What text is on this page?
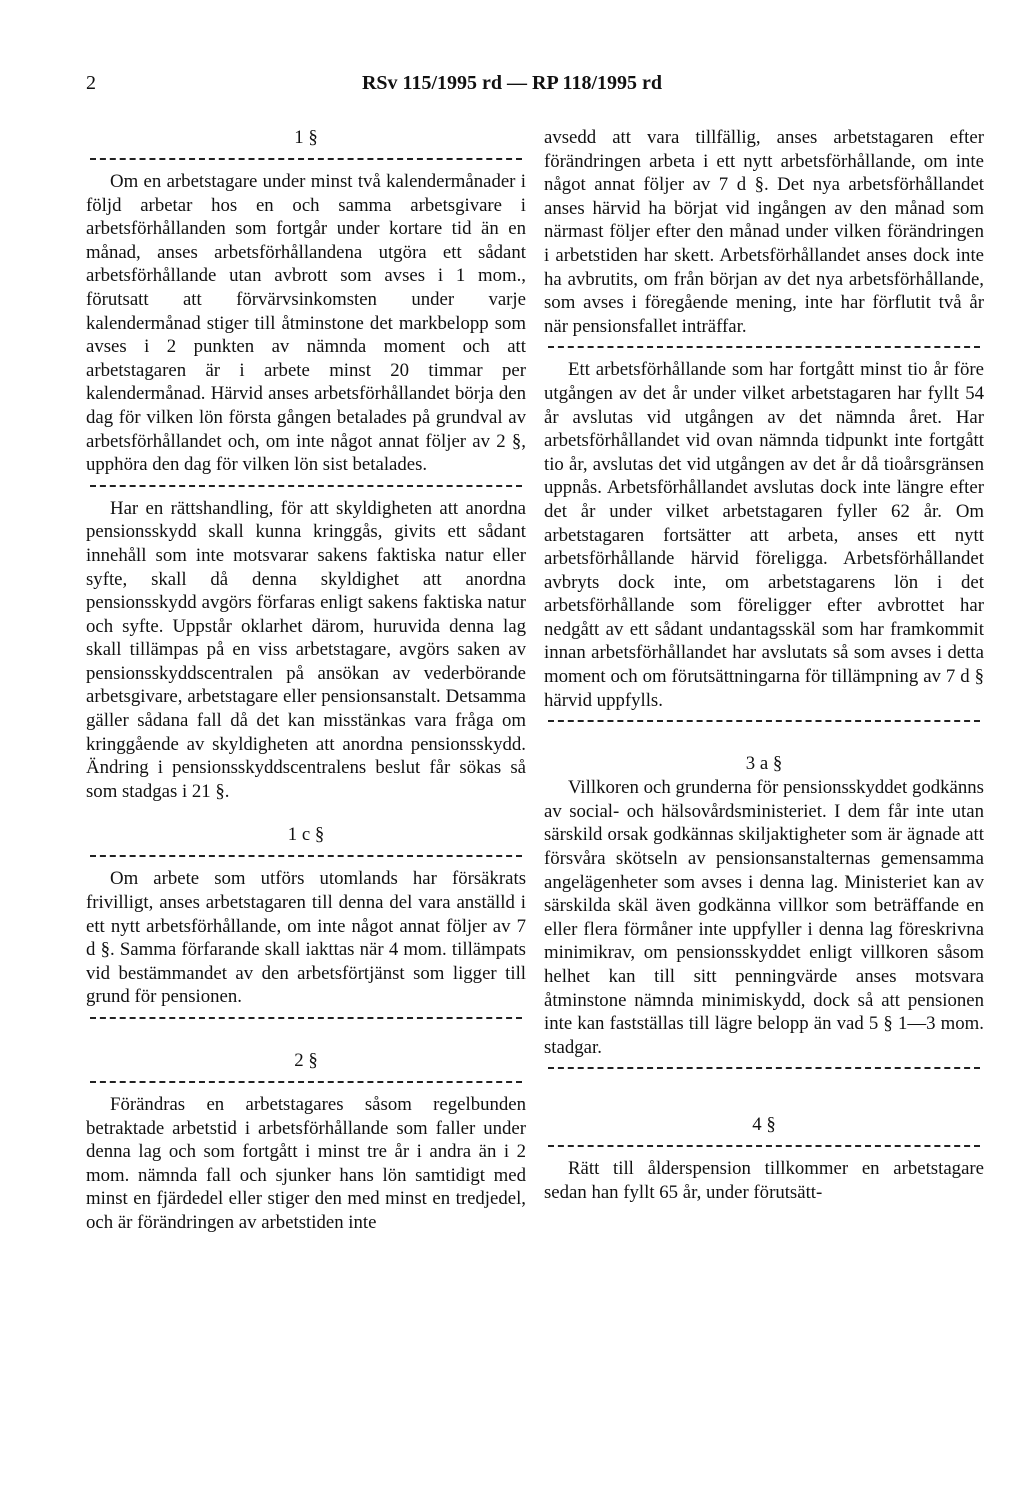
2	RSv 115/1995 rd — RP 118/1995 rd
1 §

Om en arbetstagare under minst två kalendermånader i följd arbetar hos en och samma arbetsgivare i arbetsförhållanden som fortgår under kortare tid än en månad, anses arbetsförhållandena utgöra ett sådant arbetsförhållande utan avbrott som avses i 1 mom., förutsatt att förvärvsinkomsten under varje kalendermånad stiger till åtminstone det markbelopp som avses i 2 punkten av nämnda moment och att arbetstagaren är i arbete minst 20 timmar per kalendermånad. Härvid anses arbetsförhållandet börja den dag för vilken lön första gången betalades på grundval av arbetsförhållandet och, om inte något annat följer av 2 §, upphöra den dag för vilken lön sist betalades.

Har en rättshandling, för att skyldigheten att anordna pensionsskydd skall kunna kringgås, givits ett sådant innehåll som inte motsvarar sakens faktiska natur eller syfte, skall då denna skyldighet att anordna pensionsskydd avgörs förfaras enligt sakens faktiska natur och syfte. Uppstår oklarhet därom, huruvida denna lag skall tillämpas på en viss arbetstagare, avgörs saken av pensionsskyddscentralen på ansökan av vederbörande arbetsgivare, arbetstagare eller pensionsanstalt. Detsamma gäller sådana fall då det kan misstänkas vara fråga om kringgående av skyldigheten att anordna pensionsskydd. Ändring i pensionsskyddscentralens beslut får sökas så som stadgas i 21 §.

1 c §

Om arbete som utförs utomlands har försäkrats frivilligt, anses arbetstagaren till denna del vara anställd i ett nytt arbetsförhållande, om inte något annat följer av 7 d §. Samma förfarande skall iakttas när 4 mom. tillämpats vid bestämmandet av den arbetsförtjänst som ligger till grund för pensionen.

2 §

Förändras en arbetstagares såsom regelbunden betraktade arbetstid i arbetsförhållande som faller under denna lag och som fortgått i minst tre år i andra än i 2 mom. nämnda fall och sjunker hans lön samtidigt med minst en fjärdedel eller stiger den med minst en tredjedel, och är förändringen av arbetstiden inte

avsedd att vara tillfällig, anses arbetstagaren efter förändringen arbeta i ett nytt arbetsförhållande, om inte något annat följer av 7 d §. Det nya arbetsförhållandet anses härvid ha börjat vid ingången av den månad som närmast följer efter den månad under vilken förändringen i arbetstiden har skett. Arbetsförhållandet anses dock inte ha avbrutits, om från början av det nya arbetsförhållande, som avses i föregående mening, inte har förflutit två år när pensionsfallet inträffar.

Ett arbetsförhållande som har fortgått minst tio år före utgången av det år under vilket arbetstagaren har fyllt 54 år avslutas vid utgången av det nämnda året. Har arbetsförhållandet vid ovan nämnda tidpunkt inte fortgått tio år, avslutas det vid utgången av det år då tioårsgränsen uppnås. Arbetsförhållandet avslutas dock inte längre efter det år under vilket arbetstagaren fyller 62 år. Om arbetstagaren fortsätter att arbeta, anses ett nytt arbetsförhållande härvid föreligga. Arbetsförhållandet avbryts dock inte, om arbetstagarens lön i det arbetsförhållande som föreligger efter avbrottet har nedgått av ett sådant undantagsskäl som har framkommit innan arbetsförhållandet har avslutats så som avses i detta moment och om förutsättningarna för tillämpning av 7 d § härvid uppfylls.

3 a §

Villkoren och grunderna för pensionsskyddet godkänns av social- och hälsovårdsministeriet. I dem får inte utan särskild orsak godkännas skiljaktigheter som är ägnade att försvåra skötseln av pensionsanstalternas gemensamma angelägenheter som avses i denna lag. Ministeriet kan av särskilda skäl även godkänna villkor som beträffande en eller flera förmåner inte uppfyller i denna lag föreskrivna minimikrav, om pensionsskyddet enligt villkoren såsom helhet kan till sitt penningvärde anses motsvara åtminstone nämnda minimiskydd, dock så att pensionen inte kan fastställas till lägre belopp än vad 5 § 1—3 mom. stadgar.

4 §

Rätt till ålderspension tillkommer en arbetstagare sedan han fyllt 65 år, under förutsätt-
